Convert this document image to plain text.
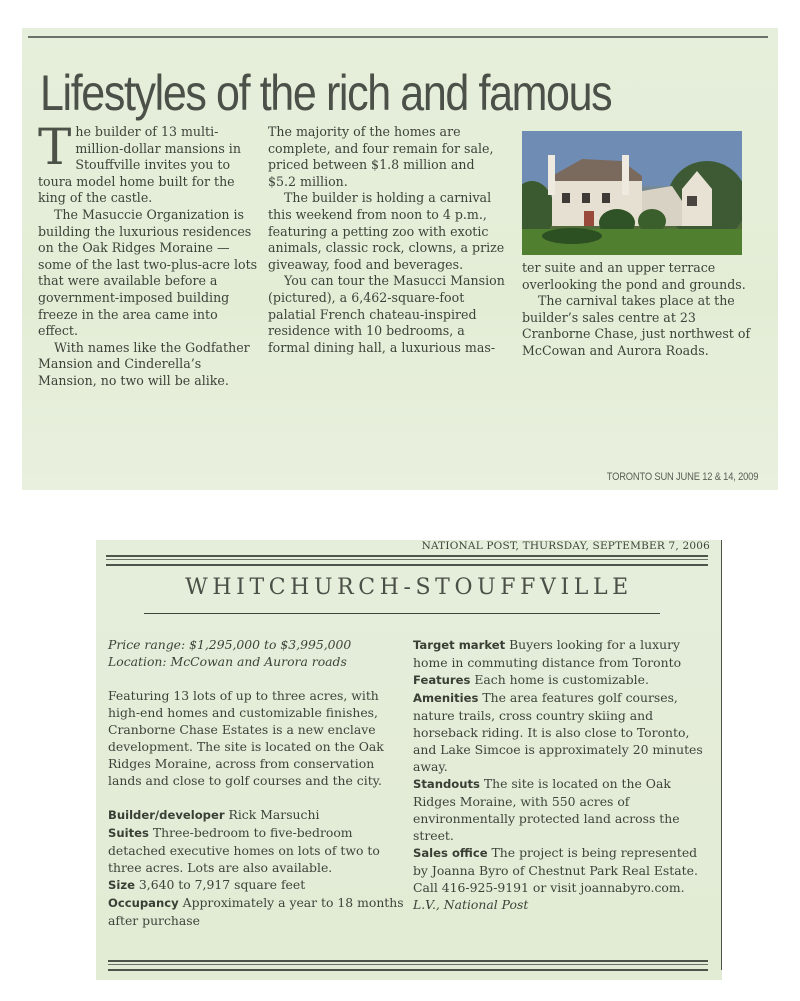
Lifestyles of the rich and famous

The builder of 13 multi-million-dollar mansions in Stouffville invites you to toura model home built for the king of the castle.

The Masuccie Organization is building the luxurious residences on the Oak Ridges Moraine — some of the last two-plus-acre lots that were available before a government-imposed building freeze in the area came into effect.

With names like the Godfather Mansion and Cinderella’s Mansion, no two will be alike.

The majority of the homes are complete, and four remain for sale, priced between $1.8 million and $5.2 million.

The builder is holding a carnival this weekend from noon to 4 p.m., featuring a petting zoo with exotic animals, classic rock, clowns, a prize giveaway, food and beverages.

You can tour the Masucci Mansion (pictured), a 6,462-square-foot palatial French chateau-inspired residence with 10 bedrooms, a formal dining hall, a luxurious mas-

ter suite and an upper terrace overlooking the pond and grounds.

The carnival takes place at the builder’s sales centre at 23 Cranborne Chase, just northwest of McCowan and Aurora Roads.

TORONTO SUN JUNE 12 & 14, 2009
NATIONAL POST, THURSDAY, SEPTEMBER 7, 2006
WHITCHURCH-STOUFFVILLE

Price range: $1,295,000 to $3,995,000

Location: McCowan and Aurora roads

Featuring 13 lots of up to three acres, with high-end homes and customizable finishes, Cranborne Chase Estates is a new enclave development. The site is located on the Oak Ridges Moraine, across from conservation lands and close to golf courses and the city.

Builder/developer Rick Marsuchi

Suites Three-bedroom to five-bedroom detached executive homes on lots of two to three acres. Lots are also available.

Size 3,640 to 7,917 square feet

Occupancy Approximately a year to 18 months after purchase

Target market Buyers looking for a luxury home in commuting distance from Toronto

Features Each home is customizable.

Amenities The area features golf courses, nature trails, cross country skiing and horseback riding. It is also close to Toronto, and Lake Simcoe is approximately 20 minutes away.

Standouts The site is located on the Oak Ridges Moraine, with 550 acres of environmentally protected land across the street.

Sales office The project is being represented by Joanna Byro of Chestnut Park Real Estate. Call 416-925-9191 or visit joannabyro.com. L.V., National Post
